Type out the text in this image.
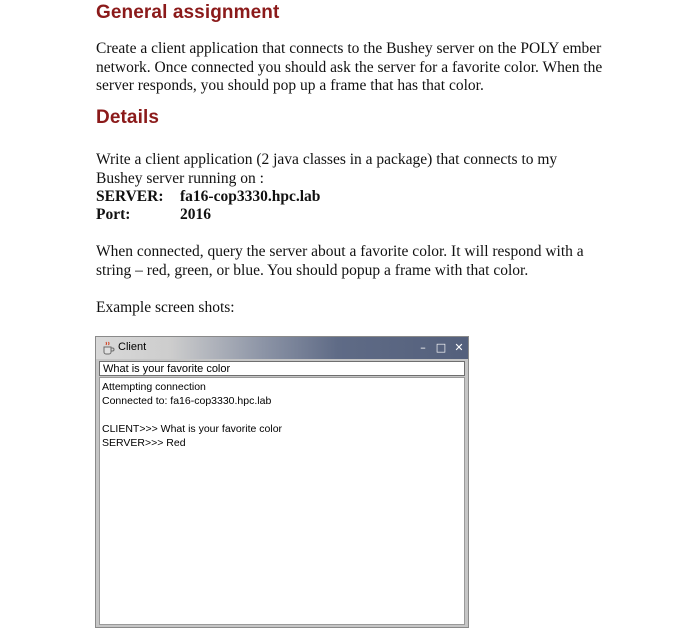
General assignment

Create a client application that connects to the Bushey server on the POLY ember
network. Once connected you should ask the server for a favorite color. When the
server responds, you should pop up a frame that has that color.

Details

Write a client application (2 java classes in a package) that connects to my
Bushey server running on :

SERVER: fa16-cop3330.hpc.lab
Port:	2016

When connected, query the server about a favorite color. It will respond with a
string – red, green, or blue. You should popup a frame with that color.

Example screen shots:

Client	– □ ✕
What is your favorite color
Attempting connection
Connected to: fa16-cop3330.hpc.lab
CLIENT>>> What is your favorite color
SERVER>>> Red
